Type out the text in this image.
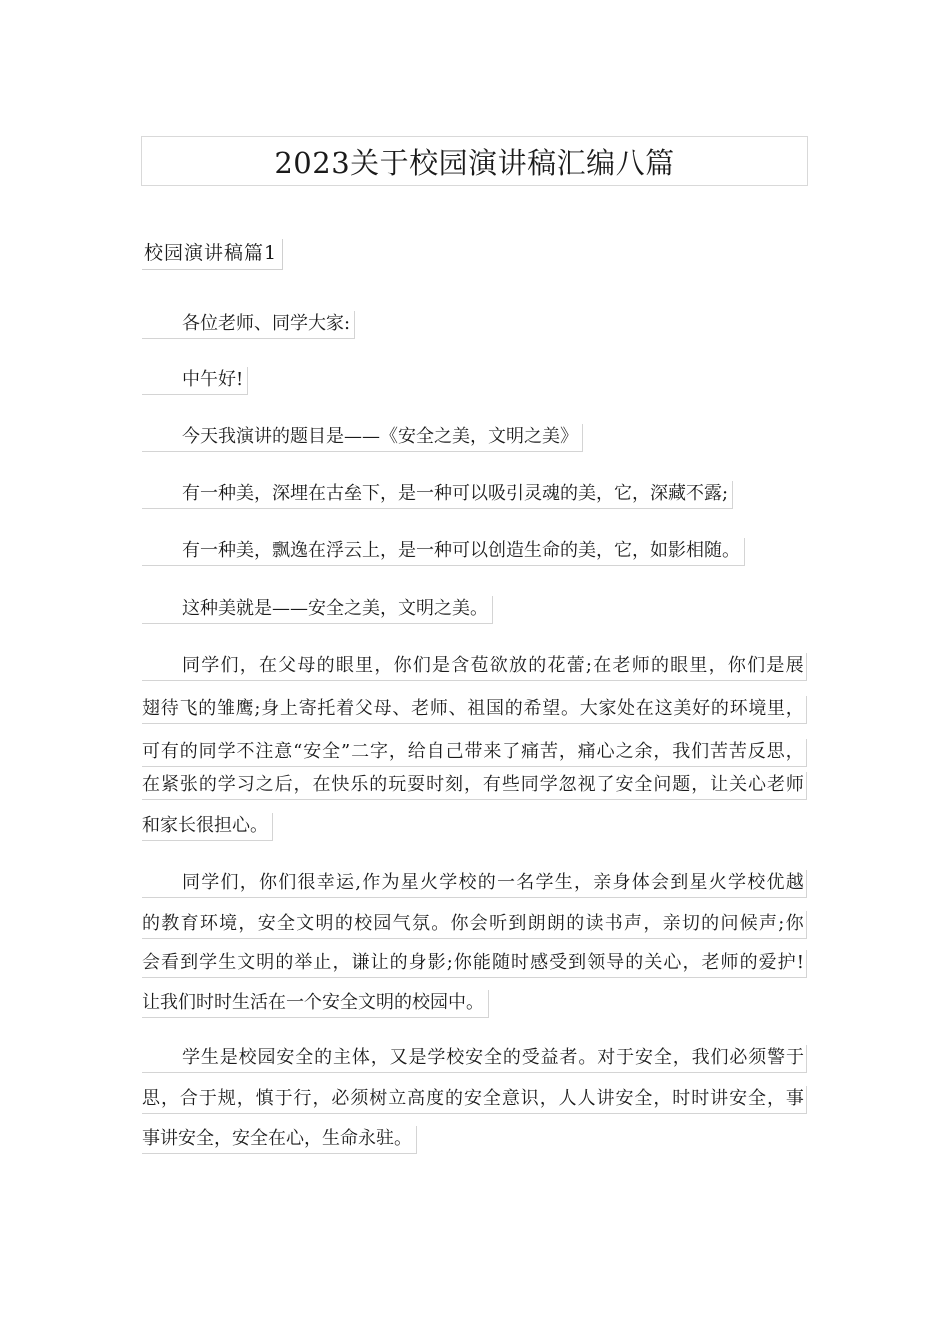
2023关于校园演讲稿汇编八篇
校园演讲稿篇1
各位老师、同学大家:
中午好!
今天我演讲的题目是——《安全之美，文明之美》
有一种美，深埋在古垒下，是一种可以吸引灵魂的美，它，深藏不露;
有一种美，飘逸在浮云上，是一种可以创造生命的美，它，如影相随。
这种美就是——安全之美，文明之美。
同 学 们 ， 在 父 母 的 眼 里 ， 你 们 是 含 苞 欲 放 的 花 蕾 ; 在 老 师 的 眼 里 ， 你 们 是 展
翅 待 飞 的 雏 鹰 ; 身 上 寄 托 着 父 母 、 老 师 、 祖 国 的 希 望 。 大 家 处 在 这 美 好 的 环 境 里 ，
可 有 的 同 学 不 注 意 “ 安 全 ” 二 字 ， 给 自 己 带 来 了 痛 苦 ， 痛 心 之 余 ， 我 们 苦 苦 反 思 ，
在 紧 张 的 学 习 之 后 ， 在 快 乐 的 玩 耍 时 刻 ， 有 些 同 学 忽 视 了 安 全 问 题 ， 让 关 心 老 师
和家长很担心。
同 学 们 ， 你 们 很 幸 运 , 作 为 星 火 学 校 的 一 名 学 生 ， 亲 身 体 会 到 星 火 学 校 优 越
的 教 育 环 境 ， 安 全 文 明 的 校 园 气 氛 。 你 会 听 到 朗 朗 的 读 书 声 ， 亲 切 的 问 候 声 ; 你
会 看 到 学 生 文 明 的 举 止 ， 谦 让 的 身 影 ; 你 能 随 时 感 受 到 领 导 的 关 心 ， 老 师 的 爱 护 !
让我们时时生活在一个安全文明的校园中。
学 生 是 校 园 安 全 的 主 体 ， 又 是 学 校 安 全 的 受 益 者 。 对 于 安 全 ， 我 们 必 须 警 于
思 ， 合 于 规 ， 慎 于 行 ， 必 须 树 立 高 度 的 安 全 意 识 ， 人 人 讲 安 全 ， 时 时 讲 安 全 ， 事
事讲安全，安全在心，生命永驻。
